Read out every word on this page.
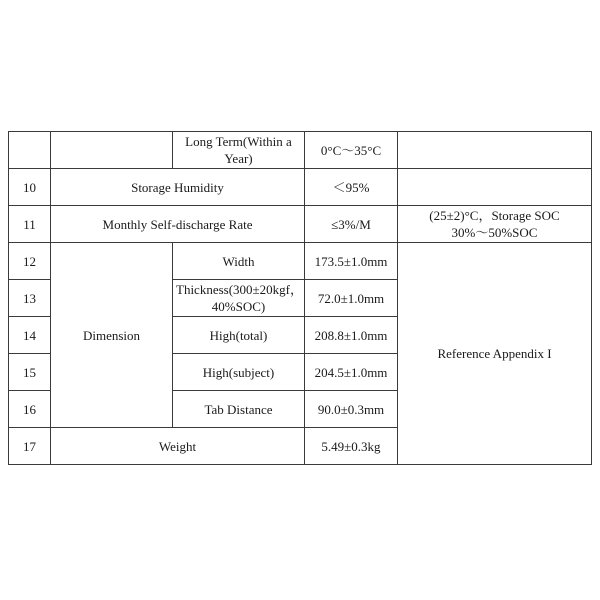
		Long Term(Within a Year)	0°C～35°C	
10	Storage Humidity		＜95%	
11	Monthly Self-discharge Rate		≤3%/M	(25±2)°C，Storage SOC
30%～50%SOC

12	Dimension	Width	173.5±1.0mm	Reference Appendix I
13		Thickness(300±20kgf，
40%SOC)	72.0±1.0mm	
14		High(total)	208.8±1.0mm	
15		High(subject)	204.5±1.0mm	
16		Tab Distance	90.0±0.3mm	
17	Weight		5.49±0.3kg	
